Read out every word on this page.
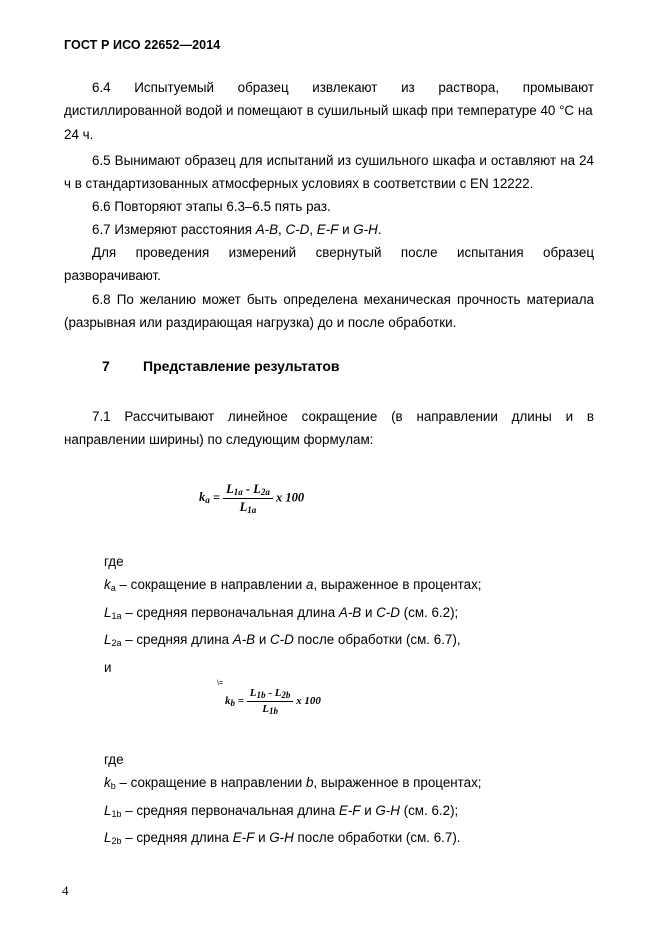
ГОСТ Р ИСО 22652—2014
6.4 Испытуемый образец извлекают из раствора, промывают
дистиллированной водой и помещают в сушильный шкаф при температуре 40 °С на
24 ч.
6.5 Вынимают образец для испытаний из сушильного шкафа и оставляют на 24
ч в стандартизованных атмосферных условиях в соответствии с EN 12222.
6.6 Повторяют этапы 6.3–6.5 пять раз.
6.7 Измеряют расстояния A-B, C-D, E-F и G-H.
Для проведения измерений свернутый после испытания образец
разворачивают.
6.8 По желанию может быть определена механическая прочность материала
(разрывная или раздирающая нагрузка) до и после обработки.
7 Представление результатов
7.1 Рассчитывают линейное сокращение (в направлении длины и в
направлении ширины) по следующим формулам:
$k_a = \frac{L_{1a} - L_{2a}}{L_{1a}}$ x 100
где
$k_a$ – сокращение в направлении a, выраженное в процентах;
$L_{1a}$ – средняя первоначальная длина A-B и C-D (см. 6.2);
$L_{2a}$ – средняя длина A-B и C-D после обработки (см. 6.7),
и
\=
$k_b = \frac{L_{1b} - L_{2b}}{L_{1b}}$ x 100
где
$k_b$ – сокращение в направлении b, выраженное в процентах;
$L_{1b}$ – средняя первоначальная длина E-F и G-H (см. 6.2);
$L_{2b}$ – средняя длина E-F и G-H после обработки (см. 6.7).
4
